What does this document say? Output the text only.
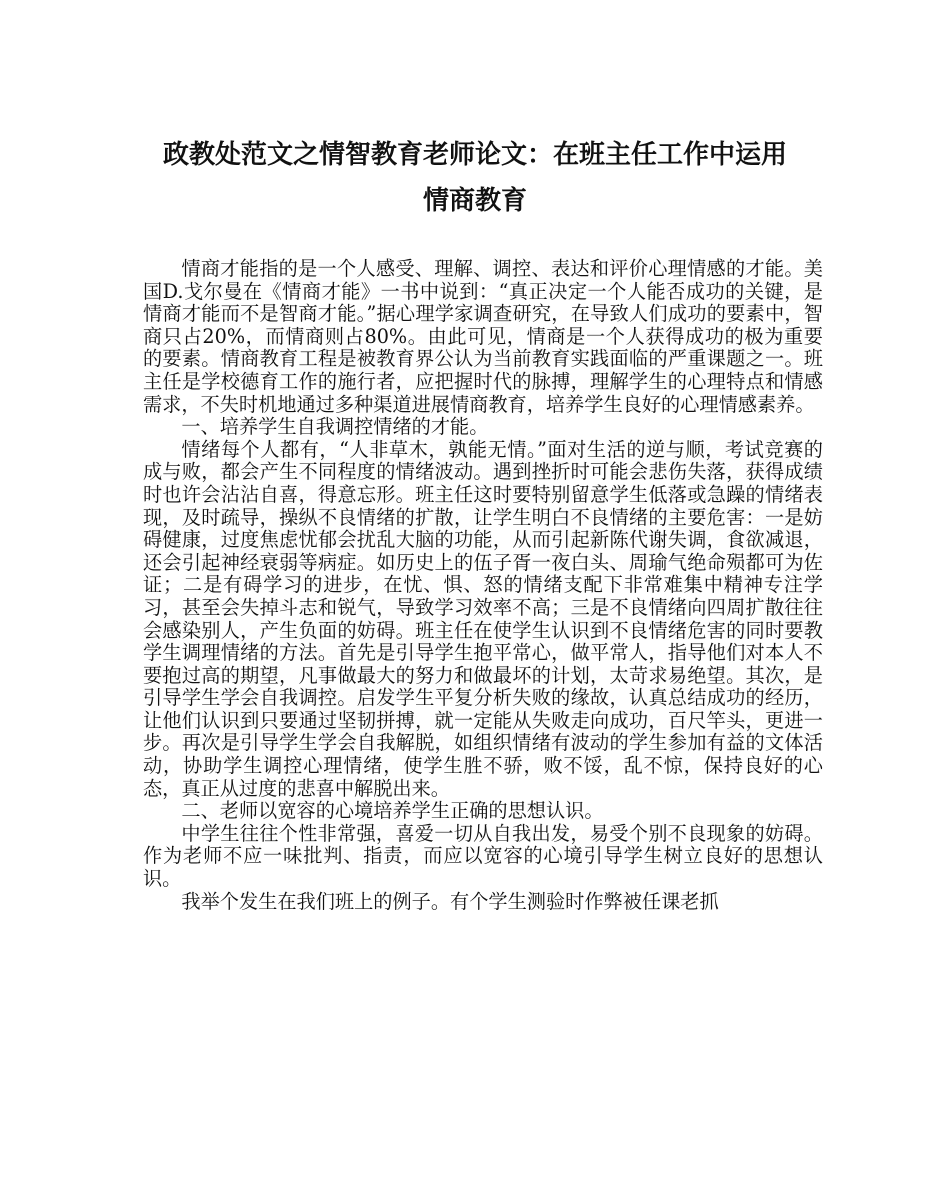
政教处范文之情智教育老师论文：在班主任工作中运用

情商教育

情商才能指的是一个人感受、理解、调控、表达和评价心理情感的才能。美国D.戈尔曼在《情商才能》一书中说到：“真正决定一个人能否成功的关键，是情商才能而不是智商才能。”据心理学家调查研究，在导致人们成功的要素中，智商只占20%，而情商则占80%。由此可见，情商是一个人获得成功的极为重要的要素。情商教育工程是被教育界公认为当前教育实践面临的严重课题之一。班主任是学校德育工作的施行者，应把握时代的脉搏，理解学生的心理特点和情感需求，不失时机地通过多种渠道进展情商教育，培养学生良好的心理情感素养。

一、培养学生自我调控情绪的才能。

情绪每个人都有，“人非草木，孰能无情。”面对生活的逆与顺，考试竞赛的成与败，都会产生不同程度的情绪波动。遇到挫折时可能会悲伤失落，获得成绩时也许会沾沾自喜，得意忘形。班主任这时要特别留意学生低落或急躁的情绪表现，及时疏导，操纵不良情绪的扩散，让学生明白不良情绪的主要危害：一是妨碍健康，过度焦虑忧郁会扰乱大脑的功能，从而引起新陈代谢失调，食欲减退，还会引起神经衰弱等病症。如历史上的伍子胥一夜白头、周瑜气绝命殒都可为佐证；二是有碍学习的进步，在忧、惧、怒的情绪支配下非常难集中精神专注学习，甚至会失掉斗志和锐气，导致学习效率不高；三是不良情绪向四周扩散往往会感染别人，产生负面的妨碍。班主任在使学生认识到不良情绪危害的同时要教学生调理情绪的方法。首先是引导学生抱平常心，做平常人，指导他们对本人不要抱过高的期望，凡事做最大的努力和做最坏的计划，太苛求易绝望。其次，是引导学生学会自我调控。启发学生平复分析失败的缘故，认真总结成功的经历，让他们认识到只要通过坚韧拼搏，就一定能从失败走向成功，百尺竿头，更进一步。再次是引导学生学会自我解脱，如组织情绪有波动的学生参加有益的文体活动，协助学生调控心理情绪，使学生胜不骄，败不馁，乱不惊，保持良好的心态，真正从过度的悲喜中解脱出来。

二、老师以宽容的心境培养学生正确的思想认识。

中学生往往个性非常强，喜爱一切从自我出发，易受个别不良现象的妨碍。作为老师不应一味批判、指责，而应以宽容的心境引导学生树立良好的思想认识。

我举个发生在我们班上的例子。有个学生测验时作弊被任课老抓
